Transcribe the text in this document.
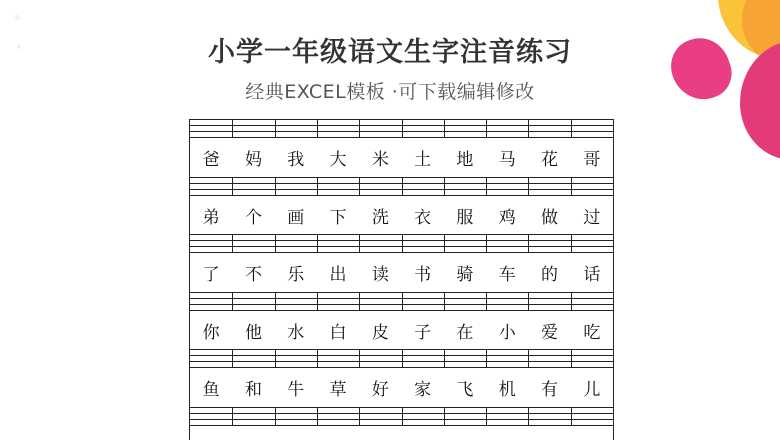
小学一年级语文生字注音练习
经典EXCEL模板 ·可下载编辑修改
爸	妈	我	大	米	土	地	马	花	哥
弟	个	画	下	洗	衣	服	鸡	做	过
了	不	乐	出	读	书	骑	车	的	话
你	他	水	白	皮	子	在	小	爱	吃
鱼	和	牛	草	好	家	飞	机	有	儿
